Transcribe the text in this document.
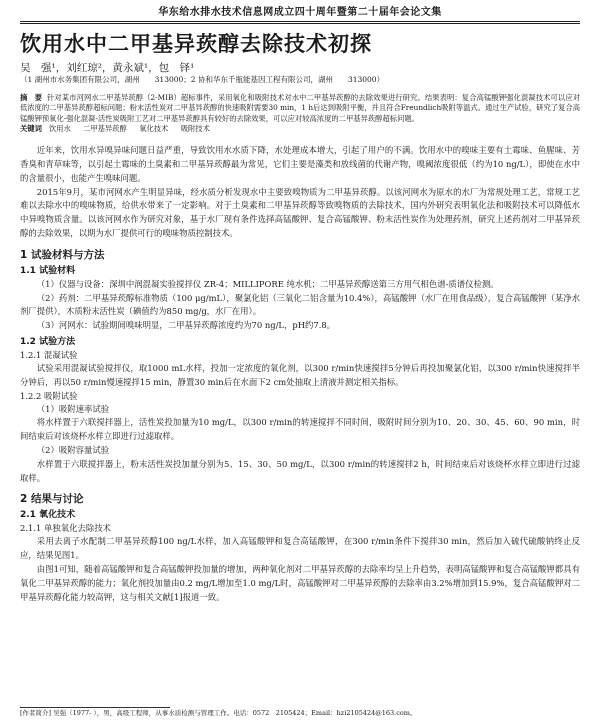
华东给水排水技术信息网成立四十周年暨第二十届年会论文集
饮用水中二甲基异莰醇去除技术初探
吴　强¹，刘红琼²，黄永斌¹，包　铎¹
（1 湖州市水务集团有限公司，湖州　　313000；2 协和华东千瓶能基因工程有限公司，湖州　　313000）
摘　要 针对某市河网水二甲基异莰醇（2-MIB）超标事件，采用氧化和吸附技术对水中二甲基异莰醇的去除效果进行研究。结果表明：复合高锰酸钾强化混凝技术可以应对低浓度的二甲基异莰醇超标问题；粉末活性炭对二甲基异莰醇的快速吸附需要30 min，1 h后达到吸附平衡，并且符合Freundlich吸附等温式。通过生产试验，研究了复合高锰酸钾预氧化-强化混凝-活性炭吸附工艺对二甲基异莰醇具有较好的去除效果，可以应对较高浓度的二甲基异莰醇超标问题。
关键词 饮用水 二甲基异莰醇 氧化技术 吸附技术

近年来，饮用水异嗅异味问题日益严重，导致饮用水水质下降，水处理成本增大，引起了用户的不满。饮用水中的嗅味主要有土霉味、鱼腥味、芳香臭和青草味等，以引起土霉味的土臭素和二甲基异莰醇最为常见，它们主要是藻类和放线菌的代谢产物，嗅阈浓度很低（约为10 ng/L），即使在水中的含量很小，也能产生嗅味问题。

2015年9月，某市河网水产生明显异味，经水质分析发现水中主要致嗅物质为二甲基异莰醇。以该河网水为原水的水厂为常规处理工艺，常规工艺难以去除水中的嗅味物质，给供水带来了一定影响。对于土臭素和二甲基异莰醇等致嗅物质的去除技术，国内外研究表明氧化法和吸附技术可以降低水中异嗅物质含量。以该河网水作为研究对象，基于水厂现有条件选择高锰酸钾、复合高锰酸钾、粉末活性炭作为处理药剂，研究上述药剂对二甲基异莰醇的去除效果，以期为水厂提供可行的嗅味物质控制技术。

1 试验材料与方法
1.1 试验材料

（1）仪器与设备：深圳中润混凝实验搅拌仪 ZR-4；MILLIPORE 纯水机；二甲基异莰醇送第三方用气相色谱-质谱仪检测。

（2）药剂：二甲基异莰醇标准物质（100 μg/mL），聚氯化铝（三氧化二铝含量为10.4%），高锰酸钾（水厂在用食品级），复合高锰酸钾（某净水剂厂提供），木质粉末活性炭（碘值约为850 mg/g，水厂在用）。

（3）河网水：试验期间嗅味明显，二甲基异莰醇浓度约为70 ng/L，pH约7.8。

1.2 试验方法
1.2.1 混凝试验

试验采用混凝试验搅拌仪，取1000 mL水样，投加一定浓度的氧化剂，以300 r/min快速搅拌5分钟后再投加聚氯化铝，以300 r/min快速搅拌半分钟后，再以50 r/min慢速搅拌15 min，静置30 min后在水面下2 cm处抽取上清液并测定相关指标。

1.2.2 吸附试验

（1）吸附速率试验

将水样置于六联搅拌器上，活性炭投加量为10 mg/L，以300 r/min的转速搅拌不同时间，吸附时间分别为10、20、30、45、60、90 min，时间结束后对该烧杯水样立即进行过滤取样。

（2）吸附容量试验

水样置于六联搅拌器上，粉末活性炭投加量分别为5、15、30、50 mg/L，以300 r/min的转速搅拌2 h，时间结束后对该烧杯水样立即进行过滤取样。

2 结果与讨论
2.1 氧化技术
2.1.1 单独氧化去除技术

采用去离子水配制二甲基异莰醇100 ng/L水样，加入高锰酸钾和复合高锰酸钾，在300 r/min条件下搅拌30 min，然后加入硫代硫酸钠终止反应，结果见图1。

由图1可知，随着高锰酸钾和复合高锰酸钾投加量的增加，两种氧化剂对二甲基异莰醇的去除率均呈上升趋势，表明高锰酸钾和复合高锰酸钾都具有氧化二甲基异莰醇的能力；氧化剂投加量由0.2 mg/L增加至1.0 mg/L时，高锰酸钾对二甲基异莰醇的去除率由3.2%增加到15.9%，复合高锰酸钾对二甲基异莰醇化能力较高钾，这与相关文献[1]报道一致。

[作者简介] 吴强（1977- ），男，高级工程师，从事水质检测与管理工作。电话：0572　2105424；Email：hzi2105424@163.com。
